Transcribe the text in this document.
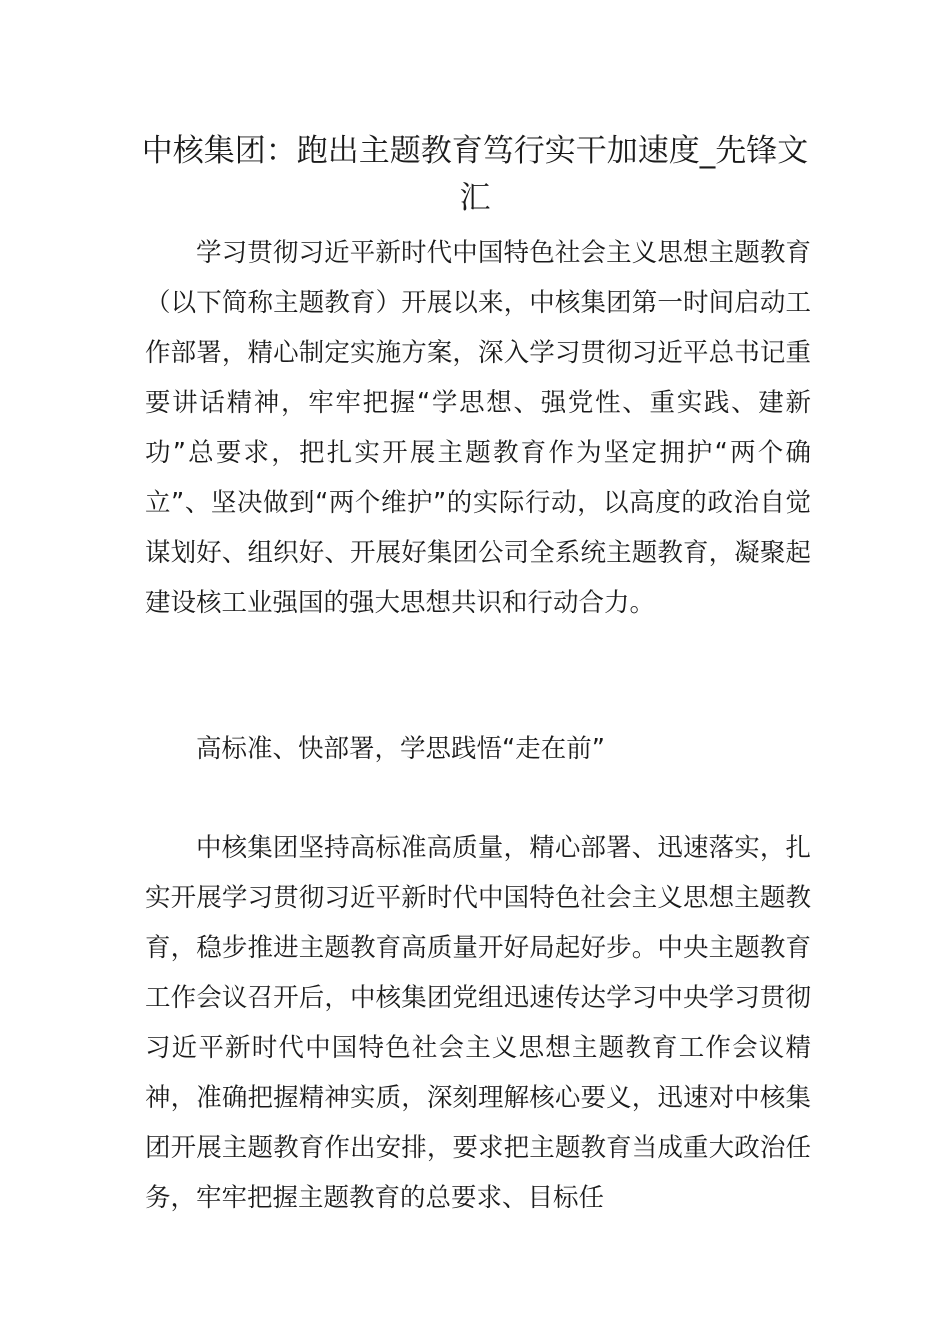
中核集团：跑出主题教育笃行实干加速度_先锋文汇

学习贯彻习近平新时代中国特色社会主义思想主题教育（以下简称主题教育）开展以来，中核集团第一时间启动工作部署，精心制定实施方案，深入学习贯彻习近平总书记重要讲话精神，牢牢把握“学思想、强党性、重实践、建新功”总要求，把扎实开展主题教育作为坚定拥护“两个确立”、坚决做到“两个维护”的实际行动，以高度的政治自觉谋划好、组织好、开展好集团公司全系统主题教育，凝聚起建设核工业强国的强大思想共识和行动合力。

高标准、快部署，学思践悟“走在前”

中核集团坚持高标准高质量，精心部署、迅速落实，扎实开展学习贯彻习近平新时代中国特色社会主义思想主题教育，稳步推进主题教育高质量开好局起好步。中央主题教育工作会议召开后，中核集团党组迅速传达学习中央学习贯彻习近平新时代中国特色社会主义思想主题教育工作会议精神，准确把握精神实质，深刻理解核心要义，迅速对中核集团开展主题教育作出安排，要求把主题教育当成重大政治任务，牢牢把握主题教育的总要求、目标任
